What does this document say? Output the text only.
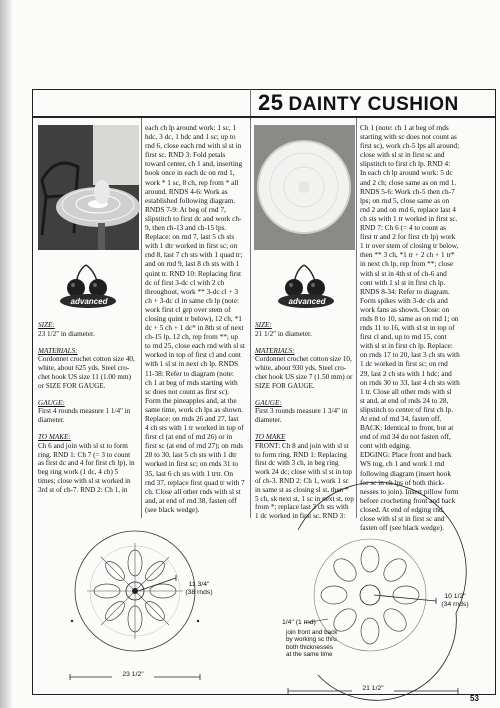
25 DAINTY CUSHION
advanced	advanced
SIZE:
23 1/2" in diameter.
MATERIALS:
Cordonnet crochet cotton size 40,
white, about 625 yds. Steel cro-
chet hook US size 11 (1.00 mm)
or SIZE FOR GAUGE.
GAUGE:
First 4 rounds measure 1 1/4" in
diameter.
TO MAKE:
Ch 6 and join with sl st to form
ring. RND 1: Ch 7 (= 3 to count
as first dc and 4 for first ch lp), in
beg ring work (1 dc, 4 ch) 5
times; close with sl st worked in
3rd st of ch-7. RND 2: Ch 1, in
each ch lp around work: 1 sc, 1
hdc, 3 dc, 1 hdc and 1 sc; up to
rnd 6, close each rnd with sl st in
first sc. RND 3: Fold petals
toward center, ch 1 and, inserting
hook once in each dc on rnd 1,
work * 1 sc, 8 ch, rep from * all
around. RNDS 4-6: Work as
established following diagram.
RNDS 7-9: At beg of rnd 7,
slipstitch to first dc and work ch-
9, then ch-13 and ch-15 lps.
Replace: on rnd 7, last 5 ch sts
with 1 dtr worked in first sc; on
rnd 8, last 7 ch sts with 1 quad tr;
and on rnd 9, last 8 ch sts with 1
quint tr. RND 10: Replacing first
dc of first 3-dc cl with 2 ch
throughout, work ** 3-dc cl + 3
ch + 3-dc cl in same ch lp (note:
work first cl grp over stem of
closing quint tr below), 12 ch, *1
dc + 5 ch + 1 dc* in 8th st of next
ch-15 lp, 12 ch, rep from **; up
to rnd 25, close each rnd with sl st
worked in top of first cl and cont
with 1 sl st in next ch lp. RNDS
11-38: Refer to diagram (note:
ch 1 at beg of rnds starting with
sc does not count as first sc).
Form the pineapples and, at the
same time, work ch lps as shown.
Replace: on rnds 26 and 27, last
4 ch sts with 1 tr worked in top of
first cl (at end of rnd 26) or in
first sc (at end of rnd 27); on rnds
28 to 30, last 5 ch sts with 1 dtr
worked in first sc; on rnds 31 to
35, last 6 ch sts with 1 trtr. On
rnd 37, replace first quad tr with 7
ch. Close all other rnds with sl st
and, at end of rnd 38, fasten off
(see black wedge).
SIZE:
21 1/2" in diameter.
MATERIALS:
Cordonnet crochet cotton size 10,
white, about 930 yds. Steel cro-
chet hook US size 7 (1.50 mm) or
SIZE FOR GAUGE.
GAUGE:
First 3 rounds measure 1 3/4" in
diameter.
TO MAKE
FRONT: Ch 8 and join with sl st
to form ring. RND 1: Replacing
first dc with 3 ch, in beg ring
work 24 dc; close with sl st in top
of ch-3. RND 2: Ch 1, work 1 sc
in same st as closing sl st, then *
5 ch, sk next st, 1 sc in next st, rep
from *; replace last 3 ch sts with
1 dc worked in first sc. RND 3:
Ch 1 (note: ch 1 at beg of rnds
starting with sc does not count as
first sc), work ch-5 lps all around;
close with sl st in first sc and
slipstitch to first ch lp. RND 4:
In each ch lp around work: 5 dc
and 2 ch; close same as on rnd 1.
RNDS 5-6: Work ch-5 then ch-7
lps; on rnd 5, close same as on
rnd 2 and on rnd 6, replace last 4
ch sts with 1 tr worked in first sc.
RND 7: Ch 6 (= 4 to count as
first tr and 2 for first ch lp) work
1 tr over stem of closing tr below,
then ** 3 ch, *1 tr + 2 ch + 1 tr*
in next ch lp, rep from **; close
with sl st in 4th st of ch-6 and
cont with 1 sl st in first ch lp.
RNDS 8-34: Refer to diagram.
Form spikes with 3-dc cls and
work fans as shown. Close: on
rnds 8 to 10, same as on rnd 1; on
rnds 11 to 16, with sl st in top of
first cl and, up to rnd 15, cont
with sl st in first ch lp. Replace:
on rnds 17 to 20, last 3 ch sts with
1 dc worked in first sc; on rnd
29, last 2 ch sts with 1 hdc; and
on rnds 30 to 33, last 4 ch sts with
1 tr. Close all other rnds with sl
st and, at end of rnds 24 to 28,
slipstitch to center of first ch lp.
At end of rnd 34, fasten off.
BACK: Identical to front, but at
end of rnd 34 do not fasten off,
cont with edging.
EDGING: Place front and back
WS tog, ch 1 and work 1 rnd
following diagram (insert hook
for sc in ch lps of both thick-
nesses to join). Insert pillow form
before crocheting front and back
closed. At end of edging rnd,
close with sl st in first sc and
fasten off (see black wedge).
11 3/4"
(38 rnds)
23 1/2"
10 1/2"
(34 rnds)
1/4" (1 rnd)
join front and back
by working sc thru
both thicknesses
at the same time
21 1/2"
53
